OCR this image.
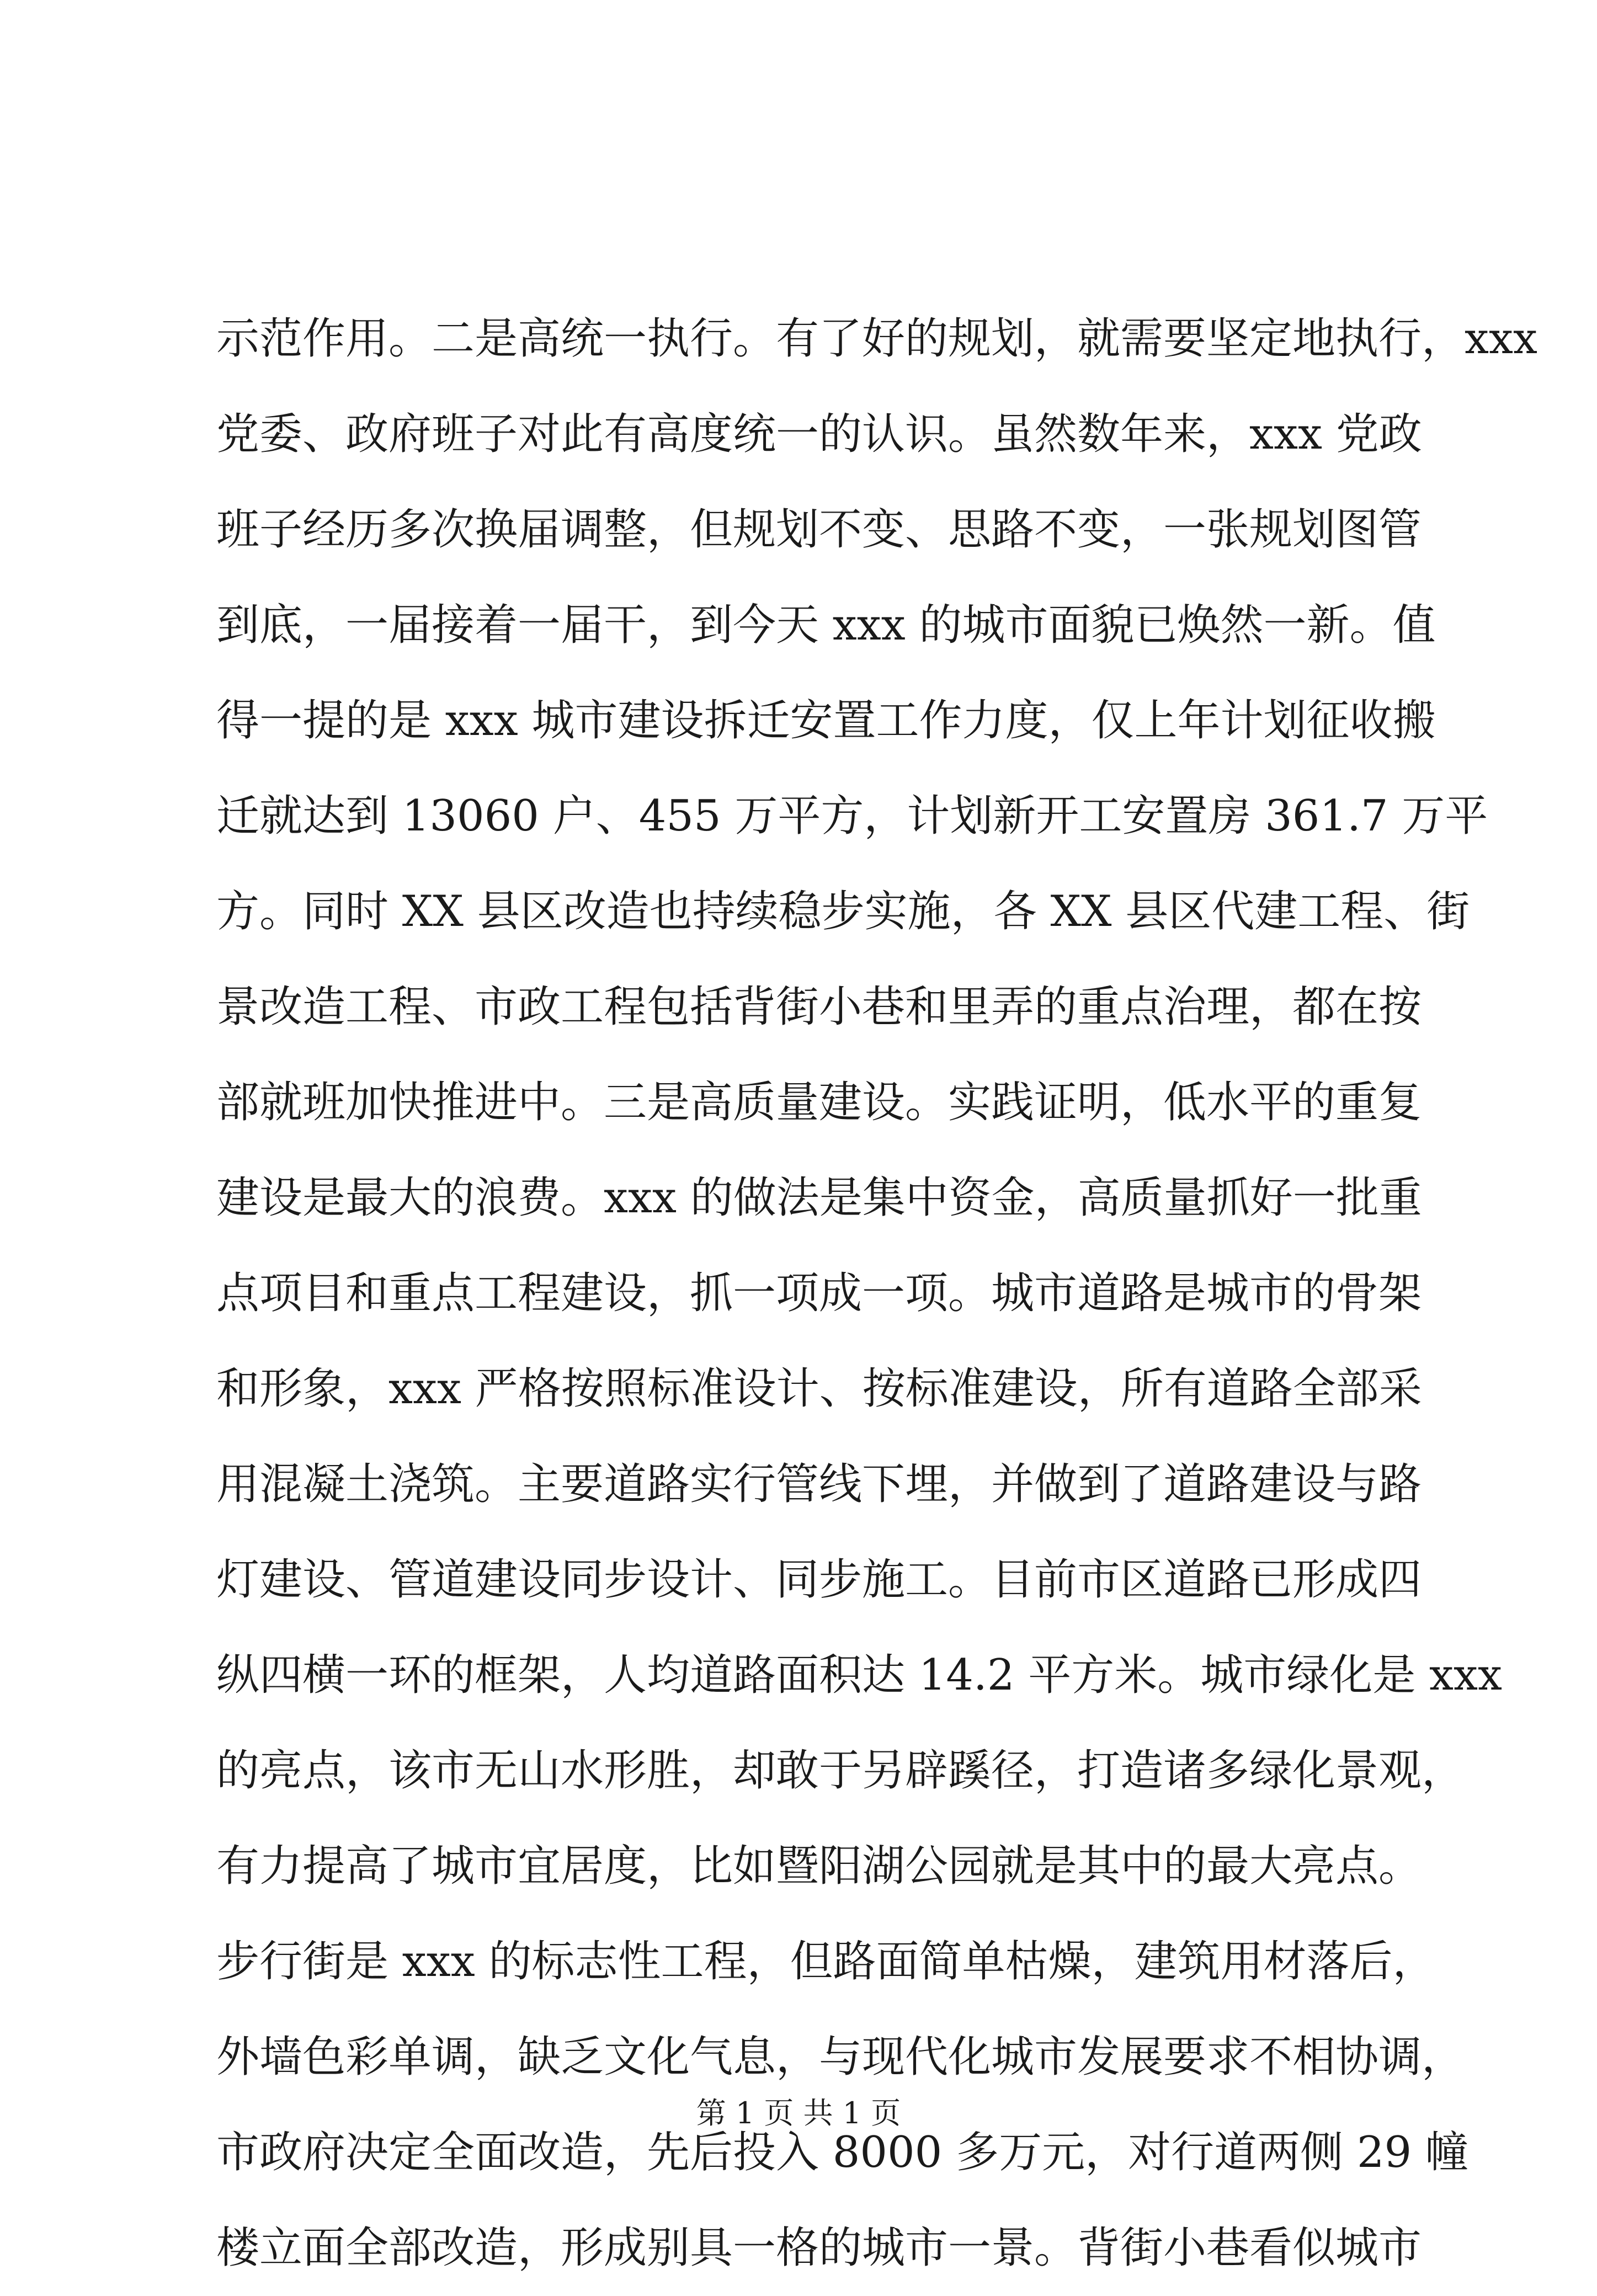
示范作用。二是高统一执行。有了好的规划，就需要坚定地执行，xxx
党委、政府班子对此有高度统一的认识。虽然数年来，xxx 党政
班子经历多次换届调整，但规划不变、思路不变，一张规划图管
到底，一届接着一届干，到今天 xxx 的城市面貌已焕然一新。值
得一提的是 xxx 城市建设拆迁安置工作力度，仅上年计划征收搬
迁就达到 13060 户、455 万平方，计划新开工安置房 361.7 万平
方。同时 XX 县区改造也持续稳步实施，各 XX 县区代建工程、街
景改造工程、市政工程包括背街小巷和里弄的重点治理，都在按
部就班加快推进中。三是高质量建设。实践证明，低水平的重复
建设是最大的浪费。xxx 的做法是集中资金，高质量抓好一批重
点项目和重点工程建设，抓一项成一项。城市道路是城市的骨架
和形象，xxx 严格按照标准设计、按标准建设，所有道路全部采
用混凝土浇筑。主要道路实行管线下埋，并做到了道路建设与路
灯建设、管道建设同步设计、同步施工。目前市区道路已形成四
纵四横一环的框架，人均道路面积达 14.2 平方米。城市绿化是 xxx
的亮点，该市无山水形胜，却敢于另辟蹊径，打造诸多绿化景观，
有力提高了城市宜居度，比如暨阳湖公园就是其中的最大亮点。
步行街是 xxx 的标志性工程，但路面简单枯燥，建筑用材落后，
外墙色彩单调，缺乏文化气息，与现代化城市发展要求不相协调，
市政府决定全面改造，先后投入 8000 多万元，对行道两侧 29 幢
楼立面全部改造，形成别具一格的城市一景。背街小巷看似城市
第 1 页 共 1 页
